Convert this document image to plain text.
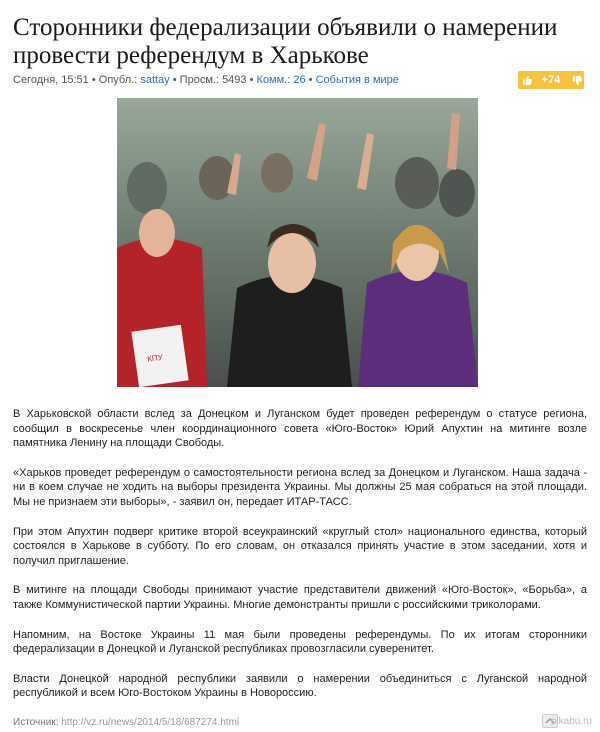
Сторонники федерализации объявили о намерении провести референдум в Харькове
Сегодня, 15:51 • Опубл.: sattay • Просм.: 5493 • Комм.: 26 • События в мире	+74
КПУ

В Харьковской области вслед за Донецком и Луганском будет проведен референдум о статусе региона, сообщил в воскресенье член координационного совета «Юго-Восток» Юрий Апухтин на митинге возле памятника Ленину на площади Свободы.

«Харьков проведет референдум о самостоятельности региона вслед за Донецком и Луганском. Наша задача - ни в коем случае не ходить на выборы президента Украины. Мы должны 25 мая собраться на этой площади. Мы не признаем эти выборы», - заявил он, передает ИТАР-ТАСС.

При этом Апухтин подверг критике второй всеукраинский «круглый стол» национального единства, который состоялся в Харькове в субботу. По его словам, он отказался принять участие в этом заседании, хотя и получил приглашение.

В митинге на площади Свободы принимают участие представители движений «Юго-Восток», «Борьба», а также Коммунистической партии Украины. Многие демонстранты пришли с российскими триколорами.

Напомним, на Востоке Украины 11 мая были проведены референдумы. По их итогам сторонники федерализации в Донецкой и Луганской республиках провозгласили суверенитет.

Власти Донецкой народной республики заявили о намерении объединиться с Луганской народной республикой и всем Юго-Востоком Украины в Новороссию.

Источник: http://vz.ru/news/2014/5/18/687274.html	pikabu.ru
